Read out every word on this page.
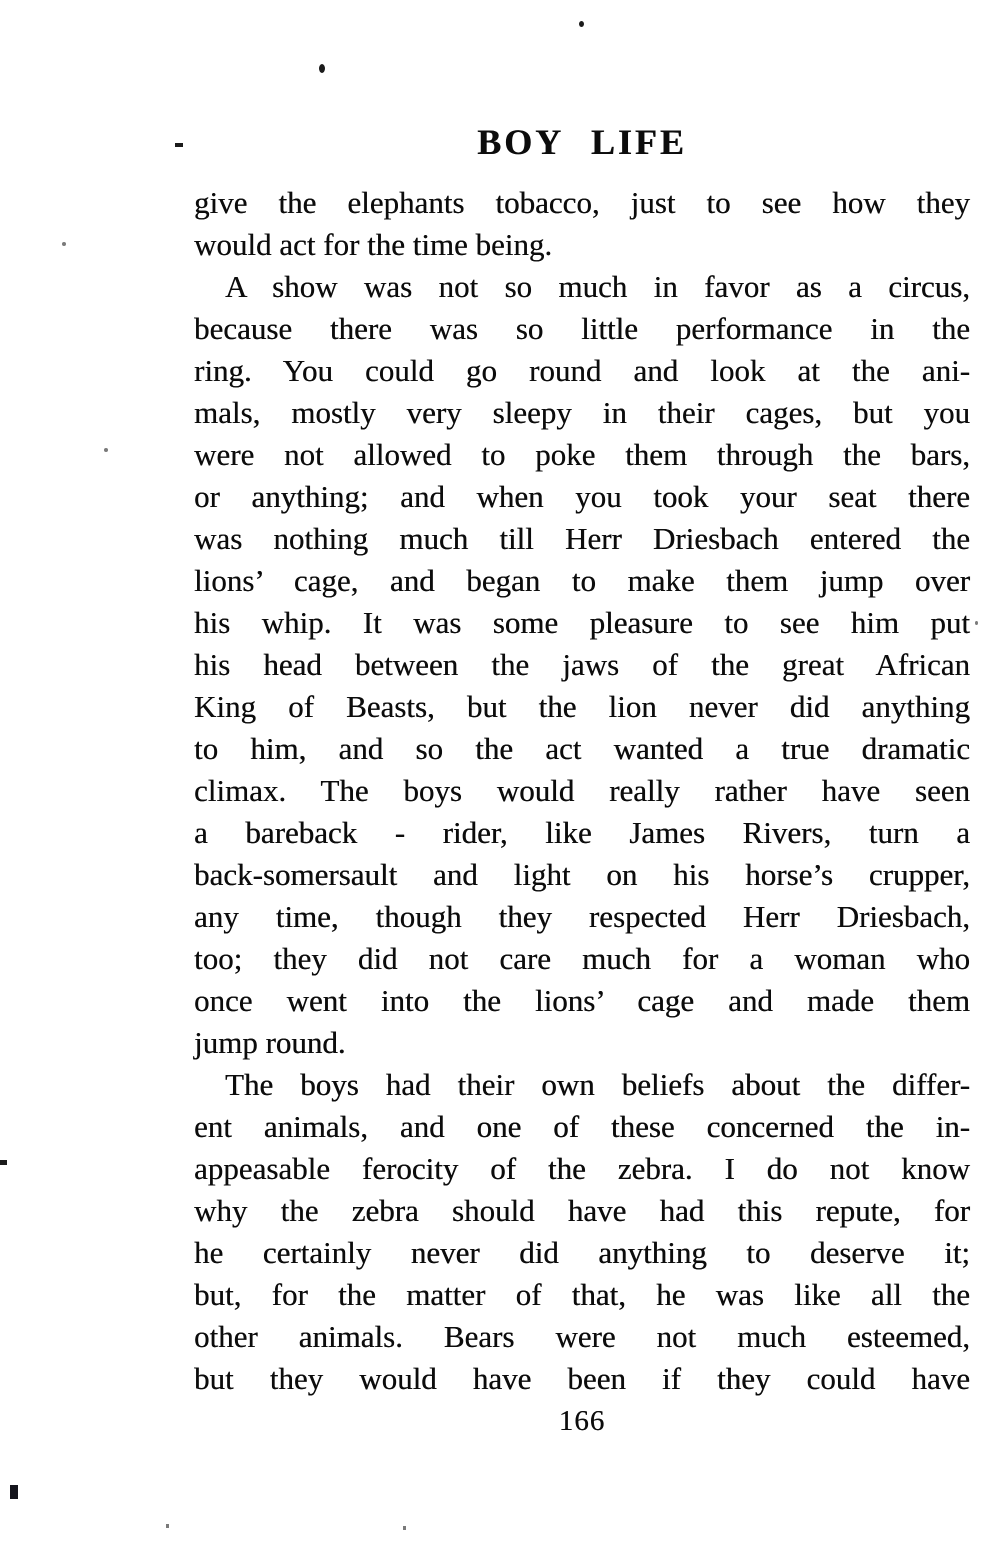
BOY LIFE
give the elephants tobacco, just to see how they
would act for the time being.
A show was not so much in favor as a circus,
because there was so little performance in the
ring. You could go round and look at the ani-
mals, mostly very sleepy in their cages, but you
were not allowed to poke them through the bars,
or anything; and when you took your seat there
was nothing much till Herr Driesbach entered the
lions’ cage, and began to make them jump over
his whip. It was some pleasure to see him put
his head between the jaws of the great African
King of Beasts, but the lion never did anything
to him, and so the act wanted a true dramatic
climax. The boys would really rather have seen
a bareback - rider, like James Rivers, turn a
back-somersault and light on his horse’s crupper,
any time, though they respected Herr Driesbach,
too; they did not care much for a woman who
once went into the lions’ cage and made them
jump round.
The boys had their own beliefs about the differ-
ent animals, and one of these concerned the in-
appeasable ferocity of the zebra. I do not know
why the zebra should have had this repute, for
he certainly never did anything to deserve it;
but, for the matter of that, he was like all the
other animals. Bears were not much esteemed,
but they would have been if they could have
166
